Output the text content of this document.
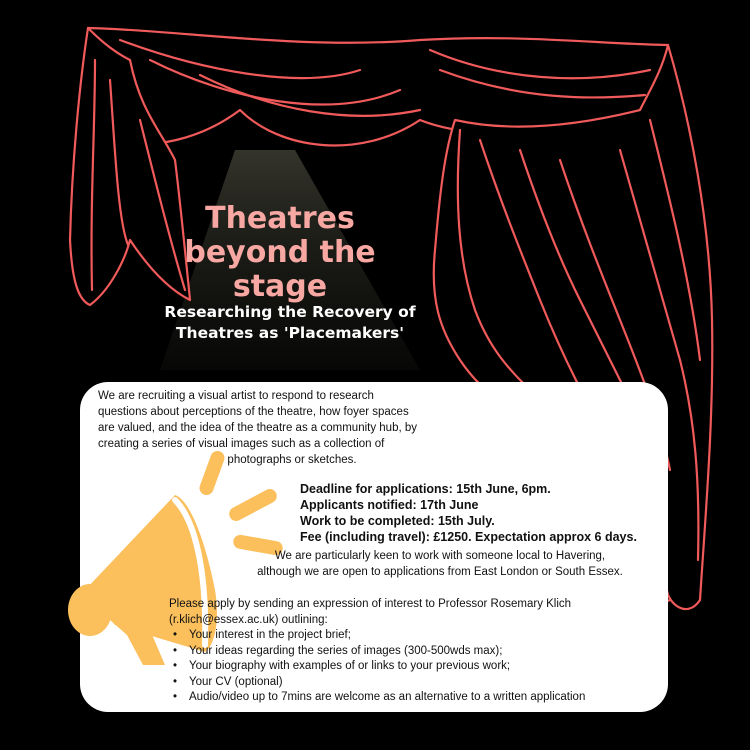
Theatres
beyond the
stage
Researching the Recovery of
Theatres as 'Placemakers'
We are recruiting a visual artist to respond to research
questions about perceptions of the theatre, how foyer spaces
are valued, and the idea of the theatre as a community hub, by
creating a series of visual images such as a collection of
photographs or sketches.
Deadline for applications: 15th June, 6pm.
Applicants notified: 17th June
Work to be completed: 15th July.
Fee (including travel): £1250. Expectation approx 6 days.
We are particularly keen to work with someone local to Havering,
although we are open to applications from East London or South Essex.
Please apply by sending an expression of interest to Professor Rosemary Klich
(r.klich@essex.ac.uk) outlining:
• Your interest in the project brief;
• Your ideas regarding the series of images (300-500wds max);
• Your biography with examples of or links to your previous work;
• Your CV (optional)
• Audio/video up to 7mins are welcome as an alternative to a written application
